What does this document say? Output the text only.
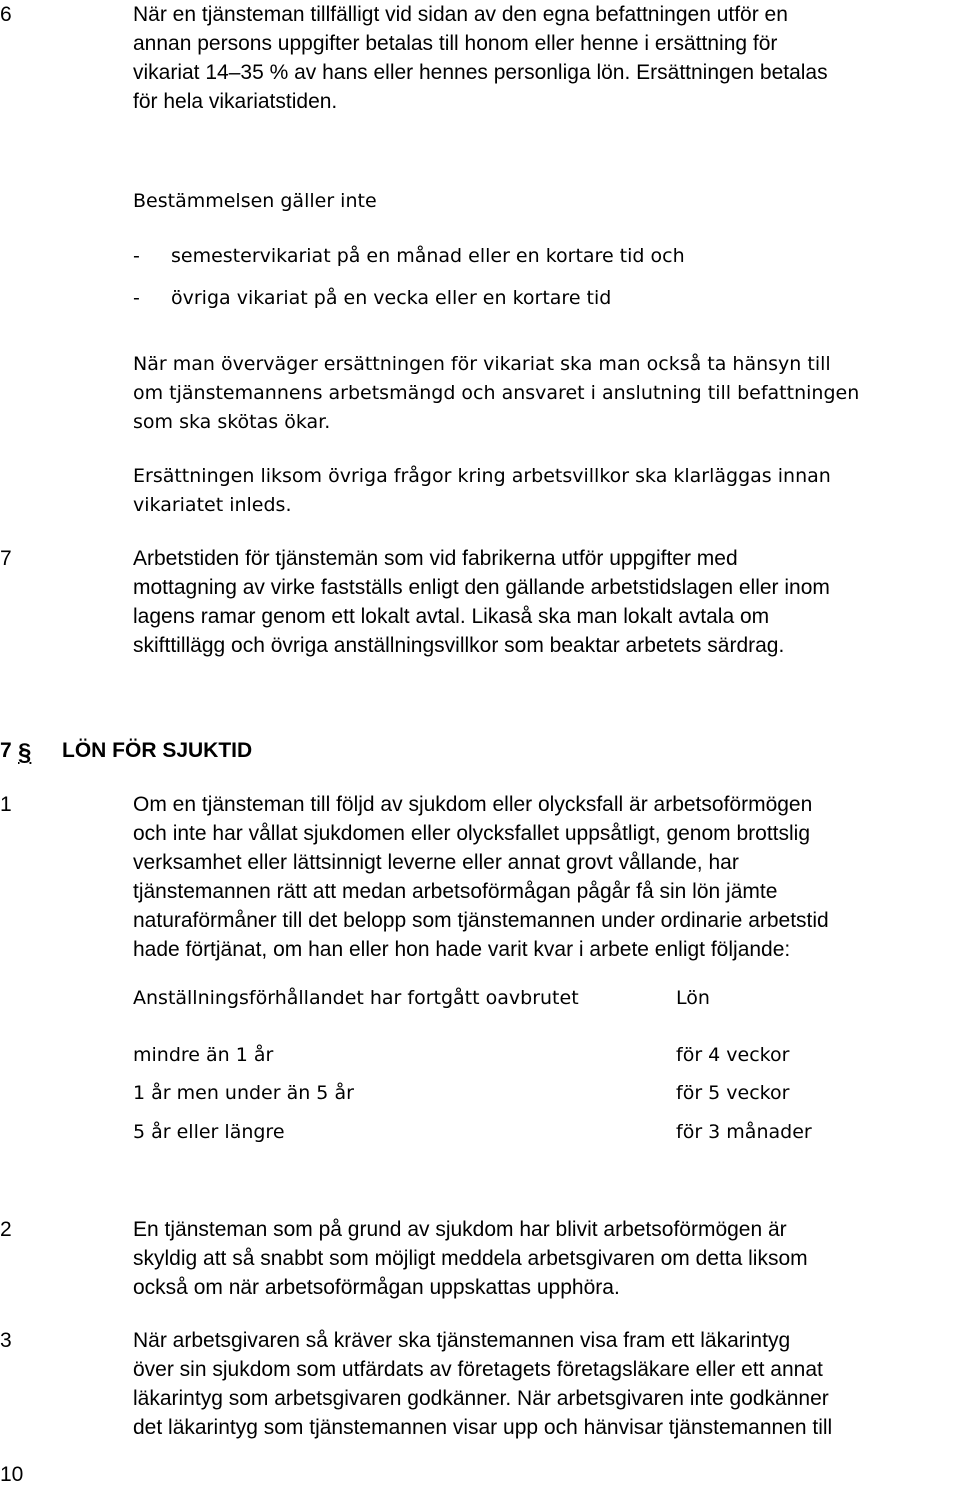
6	När en tjänsteman tillfälligt vid sidan av den egna befattningen utför en
annan persons uppgifter betalas till honom eller henne i ersättning för
vikariat 14–35 % av hans eller hennes personliga lön. Ersättningen betalas
för hela vikariatstiden.
Bestämmelsen gäller inte
- semestervikariat på en månad eller en kortare tid och
- övriga vikariat på en vecka eller en kortare tid
När man överväger ersättningen för vikariat ska man också ta hänsyn till
om tjänstemannens arbetsmängd och ansvaret i anslutning till befattningen
som ska skötas ökar.
Ersättningen liksom övriga frågor kring arbetsvillkor ska klarläggas innan
vikariatet inleds.
7	Arbetstiden för tjänstemän som vid fabrikerna utför uppgifter med
mottagning av virke fastställs enligt den gällande arbetstidslagen eller inom
lagens ramar genom ett lokalt avtal. Likaså ska man lokalt avtala om
skifttillägg och övriga anställningsvillkor som beaktar arbetets särdrag.
7 § LÖN FÖR SJUKTID
1	Om en tjänsteman till följd av sjukdom eller olycksfall är arbetsoförmögen
och inte har vållat sjukdomen eller olycksfallet uppsåtligt, genom brottslig
verksamhet eller lättsinnigt leverne eller annat grovt vållande, har
tjänstemannen rätt att medan arbetsoförmågan pågår få sin lön jämte
naturaförmåner till det belopp som tjänstemannen under ordinarie arbetstid
hade förtjänat, om han eller hon hade varit kvar i arbete enligt följande:
Anställningsförhållandet har fortgått oavbrutet	Lön
mindre än 1 år	för 4 veckor
1 år men under än 5 år	för 5 veckor
5 år eller längre	för 3 månader
2	En tjänsteman som på grund av sjukdom har blivit arbetsoförmögen är
skyldig att så snabbt som möjligt meddela arbetsgivaren om detta liksom
också om när arbetsoförmågan uppskattas upphöra.
3	När arbetsgivaren så kräver ska tjänstemannen visa fram ett läkarintyg
över sin sjukdom som utfärdats av företagets företagsläkare eller ett annat
läkarintyg som arbetsgivaren godkänner. När arbetsgivaren inte godkänner
det läkarintyg som tjänstemannen visar upp och hänvisar tjänstemannen till
10
